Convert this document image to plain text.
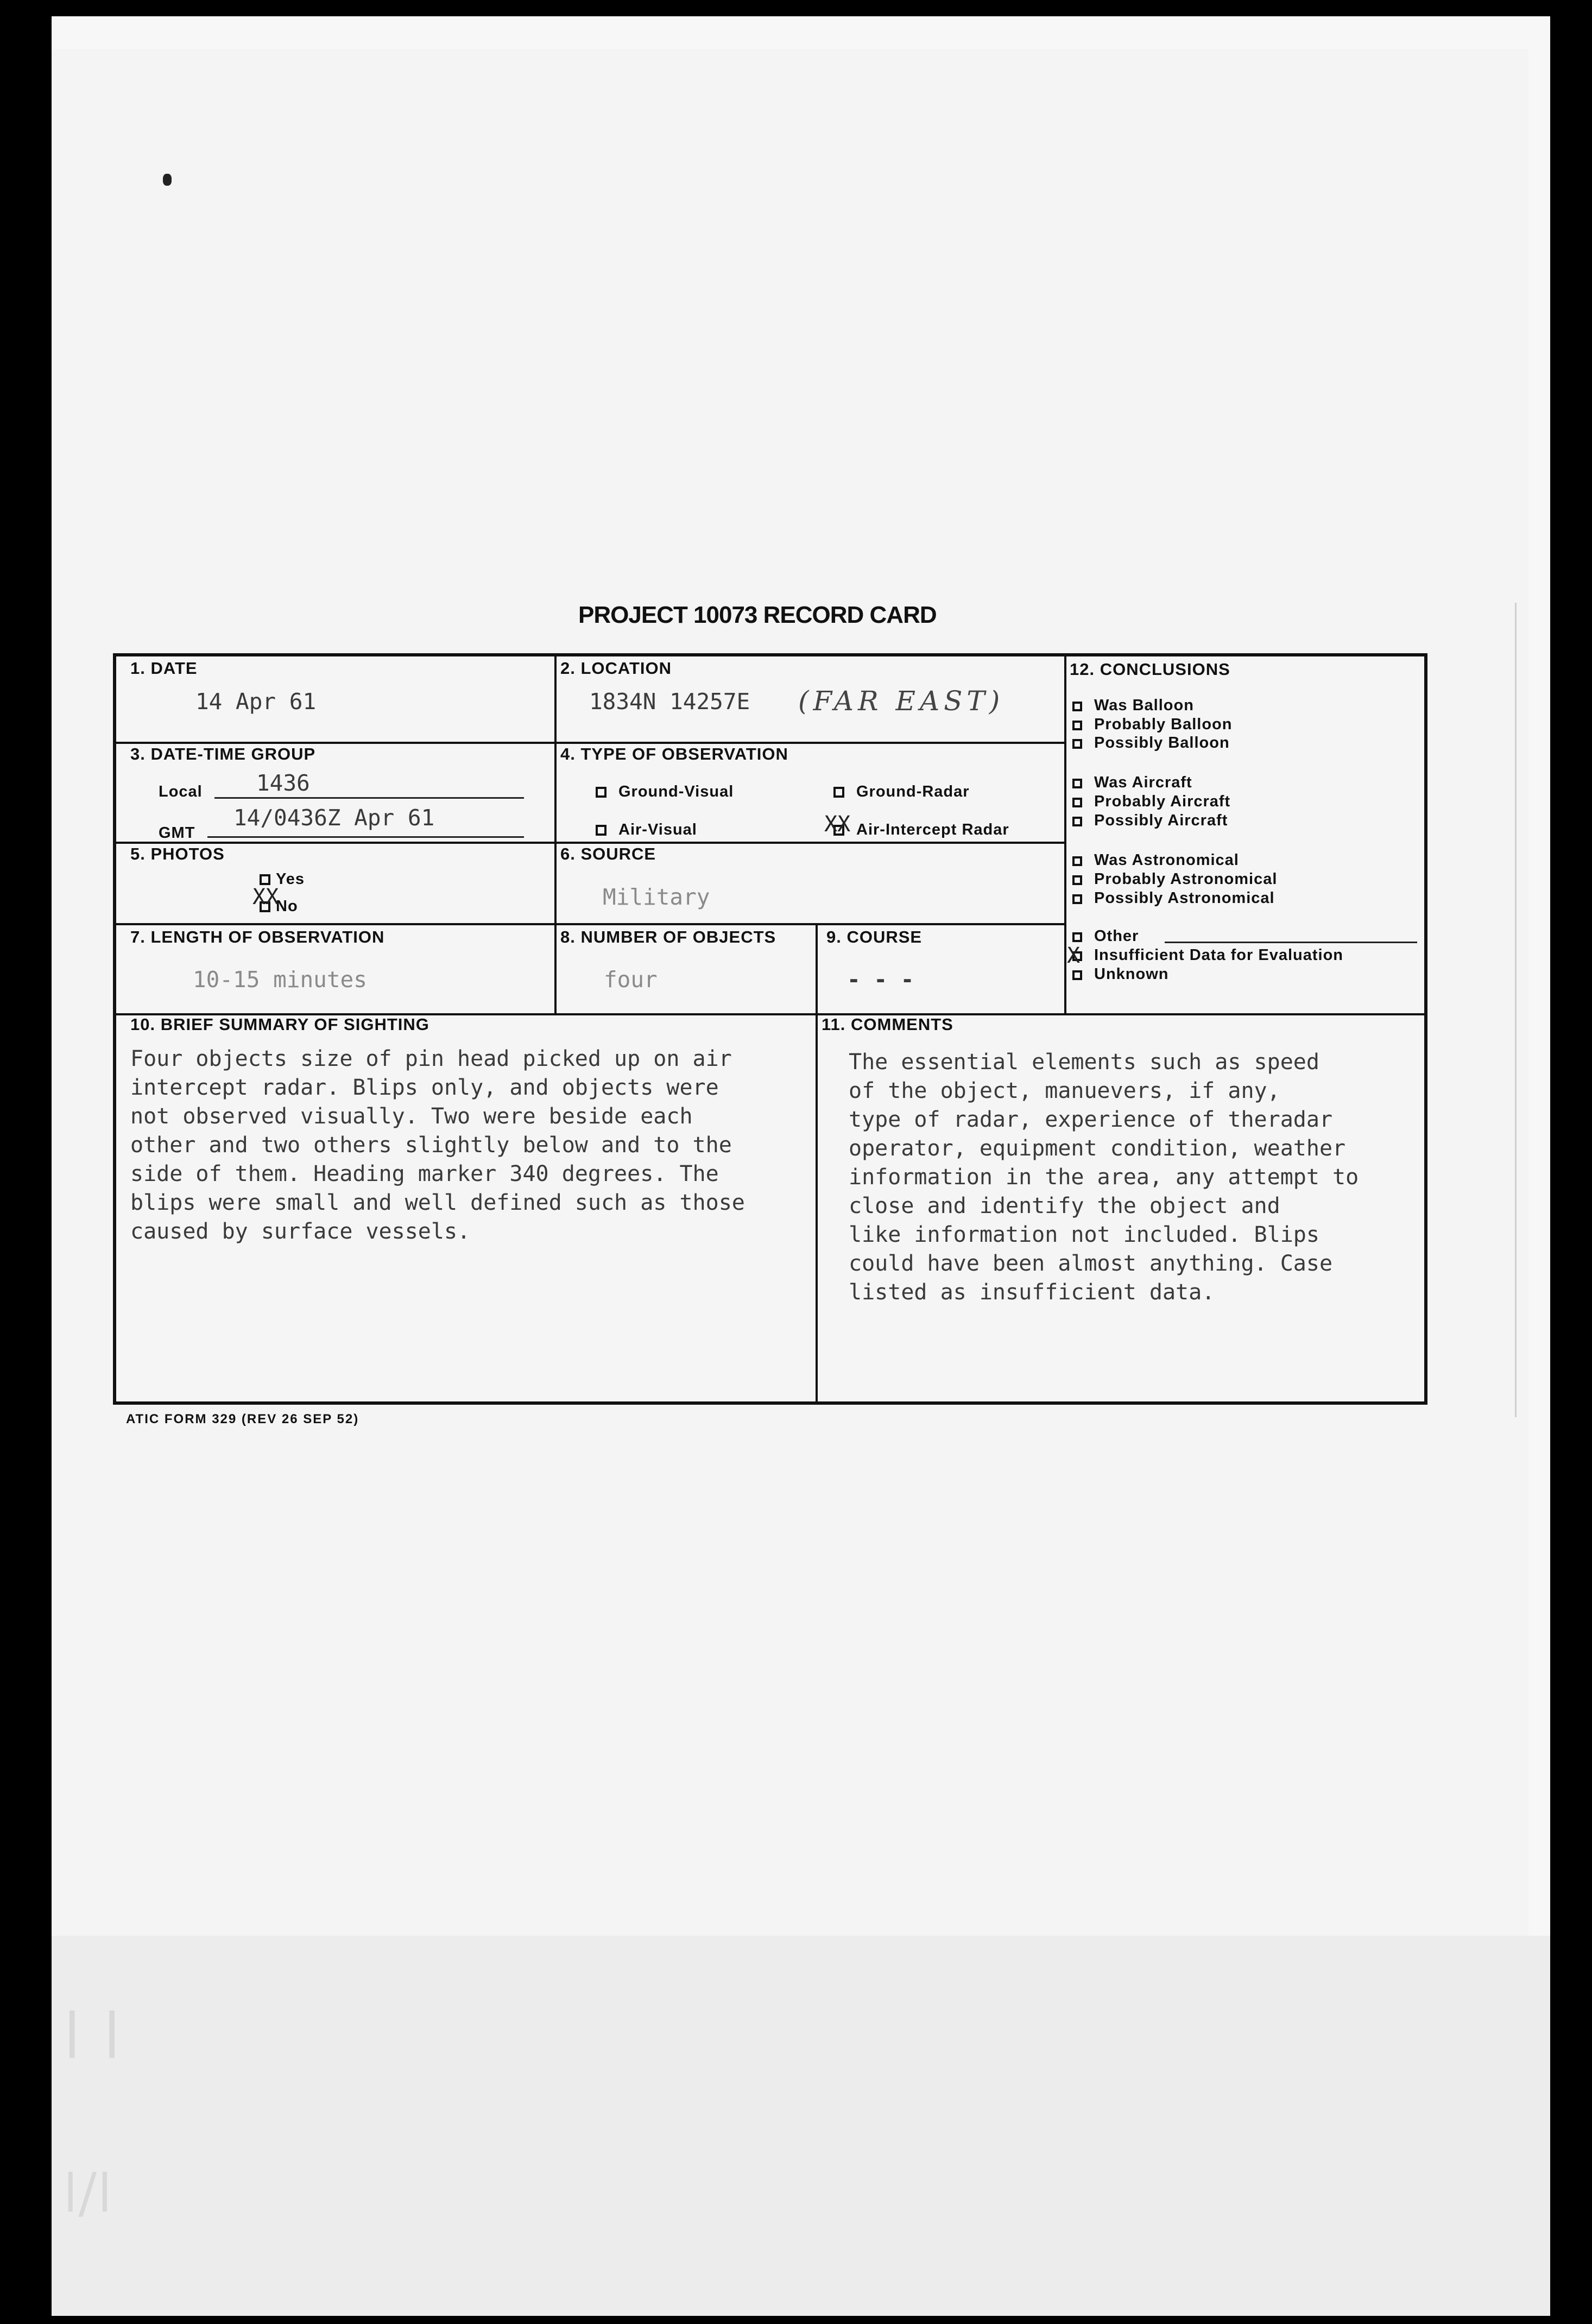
ǀ ǀ
ǀ/ǀ
PROJECT 10073 RECORD CARD
1. DATE
14 Apr 61
2. LOCATION
1834N 14257E (FAR EAST)
3. DATE-TIME GROUP
Local 1436
GMT
14/0436Z Apr 61
4. TYPE OF OBSERVATION
Ground-Visual	Ground-Radar
Air-Visual	Air-Intercept Radar
XX
5. PHOTOS
Yes
No
XX
6. SOURCE
Military
7. LENGTH OF OBSERVATION
10-15 minutes
8. NUMBER OF OBJECTS
four
9. COURSE
- - -
12. CONCLUSIONS
Was Balloon
Probably Balloon
Possibly Balloon
Was Aircraft
Probably Aircraft
Possibly Aircraft
Was Astronomical
Probably Astronomical
Possibly Astronomical
Other
Insufficient Data for Evaluation
Unknown
X
10. BRIEF SUMMARY OF SIGHTING
Four objects size of pin head picked up on air
intercept radar. Blips only, and objects were
not observed visually. Two were beside each
other and two others slightly below and to the
side of them. Heading marker 340 degrees. The
blips were small and well defined such as those
caused by surface vessels.
11. COMMENTS
The essential elements such as speed
of the object, manuevers, if any,
type of radar, experience of theradar
operator, equipment condition, weather
information in the area, any attempt to
close and identify the object and
like information not included. Blips
could have been almost anything. Case
listed as insufficient data.
ATIC FORM 329 (REV 26 SEP 52)
